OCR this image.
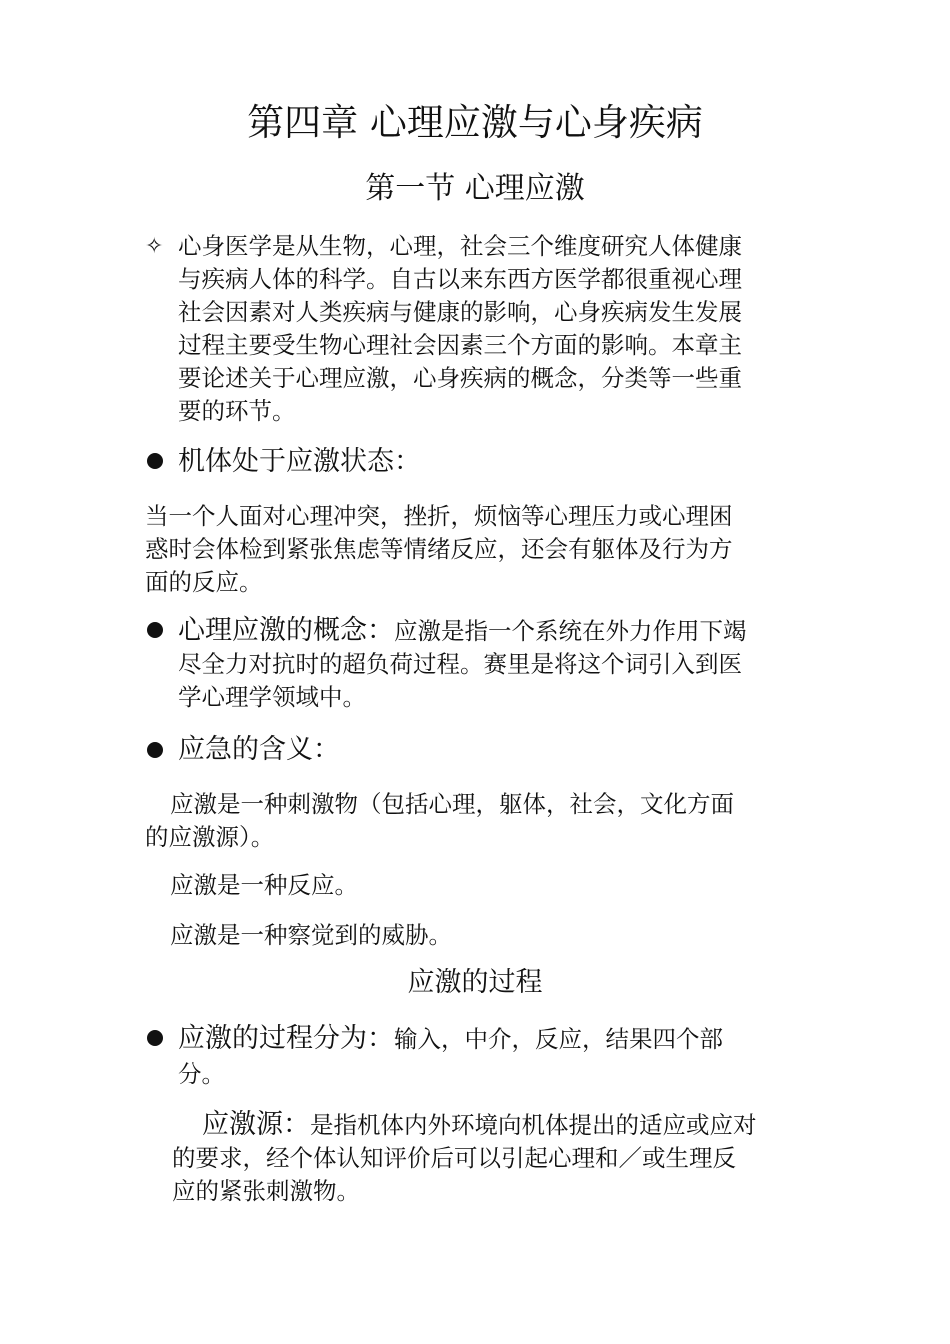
第四章 心理应激与心身疾病
第一节 心理应激
✧ 心身医学是从生物，心理，社会三个维度研究人体健康
与疾病人体的科学。自古以来东西方医学都很重视心理
社会因素对人类疾病与健康的影响，心身疾病发生发展
过程主要受生物心理社会因素三个方面的影响。本章主
要论述关于心理应激，心身疾病的概念，分类等一些重
要的环节。
机体处于应激状态：
当一个人面对心理冲突，挫折，烦恼等心理压力或心理困
惑时会体检到紧张焦虑等情绪反应，还会有躯体及行为方
面的反应。
心理应激的概念：应激是指一个系统在外力作用下竭
尽全力对抗时的超负荷过程。赛里是将这个词引入到医
学心理学领域中。
应急的含义：
应激是一种刺激物（包括心理，躯体，社会，文化方面
的应激源）。
应激是一种反应。
应激是一种察觉到的威胁。
应激的过程
应激的过程分为：输入，中介，反应，结果四个部
分。
应激源：是指机体内外环境向机体提出的适应或应对
的要求，经个体认知评价后可以引起心理和／或生理反
应的紧张刺激物。
